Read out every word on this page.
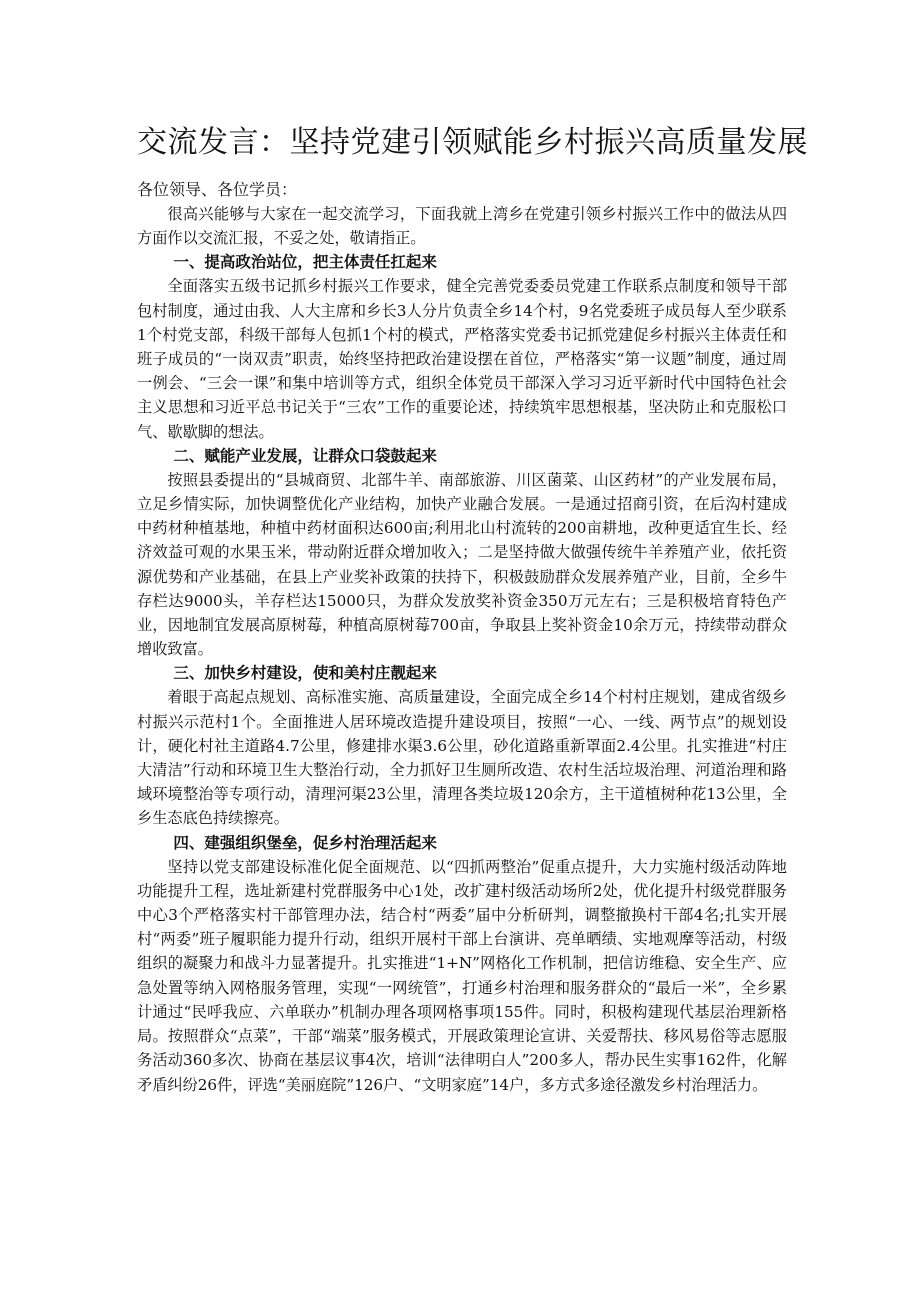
交流发言：坚持党建引领赋能乡村振兴高质量发展

各位领导、各位学员：

很高兴能够与大家在一起交流学习，下面我就上湾乡在党建引领乡村振兴工作中的做法从四方面作以交流汇报，不妥之处，敬请指正。

一、提高政治站位，把主体责任扛起来

全面落实五级书记抓乡村振兴工作要求，健全完善党委委员党建工作联系点制度和领导干部包村制度，通过由我、人大主席和乡长3人分片负责全乡14个村，9名党委班子成员每人至少联系1个村党支部，科级干部每人包抓1个村的模式，严格落实党委书记抓党建促乡村振兴主体责任和班子成员的“一岗双责”职责，始终坚持把政治建设摆在首位，严格落实“第一议题”制度，通过周一例会、“三会一课”和集中培训等方式，组织全体党员干部深入学习习近平新时代中国特色社会主义思想和习近平总书记关于“三农”工作的重要论述，持续筑牢思想根基，坚决防止和克服松口气、歇歇脚的想法。

二、赋能产业发展，让群众口袋鼓起来

按照县委提出的“县城商贸、北部牛羊、南部旅游、川区菌菜、山区药材”的产业发展布局，立足乡情实际，加快调整优化产业结构，加快产业融合发展。一是通过招商引资，在后沟村建成中药材种植基地，种植中药材面积达600亩;利用北山村流转的200亩耕地，改种更适宜生长、经济效益可观的水果玉米，带动附近群众增加收入；二是坚持做大做强传统牛羊养殖产业，依托资源优势和产业基础，在县上产业奖补政策的扶持下，积极鼓励群众发展养殖产业，目前，全乡牛存栏达9000头，羊存栏达15000只，为群众发放奖补资金350万元左右；三是积极培育特色产业，因地制宜发展高原树莓，种植高原树莓700亩，争取县上奖补资金10余万元，持续带动群众增收致富。

三、加快乡村建设，使和美村庄靓起来

着眼于高起点规划、高标准实施、高质量建设，全面完成全乡14个村村庄规划，建成省级乡村振兴示范村1个。全面推进人居环境改造提升建设项目，按照“一心、一线、两节点”的规划设计，硬化村社主道路4.7公里，修建排水渠3.6公里，砂化道路重新罩面2.4公里。扎实推进“村庄大清洁”行动和环境卫生大整治行动，全力抓好卫生厕所改造、农村生活垃圾治理、河道治理和路域环境整治等专项行动，清理河渠23公里，清理各类垃圾120余方，主干道植树种花13公里，全乡生态底色持续擦亮。

四、建强组织堡垒，促乡村治理活起来

坚持以党支部建设标准化促全面规范、以“四抓两整治”促重点提升，大力实施村级活动阵地功能提升工程，选址新建村党群服务中心1处，改扩建村级活动场所2处，优化提升村级党群服务中心3个严格落实村干部管理办法，结合村“两委”届中分析研判，调整撤换村干部4名;扎实开展村“两委”班子履职能力提升行动，组织开展村干部上台演讲、亮单晒绩、实地观摩等活动，村级组织的凝聚力和战斗力显著提升。扎实推进“1+N”网格化工作机制，把信访维稳、安全生产、应急处置等纳入网格服务管理，实现“一网统管”，打通乡村治理和服务群众的“最后一米”，全乡累计通过“民呼我应、六单联办”机制办理各项网格事项155件。同时，积极构建现代基层治理新格局。按照群众“点菜”，干部“端菜”服务模式，开展政策理论宣讲、关爱帮扶、移风易俗等志愿服务活动360多次、协商在基层议事4次，培训“法律明白人”200多人，帮办民生实事162件，化解矛盾纠纷26件，评选“美丽庭院”126户、“文明家庭”14户，多方式多途径激发乡村治理活力。
